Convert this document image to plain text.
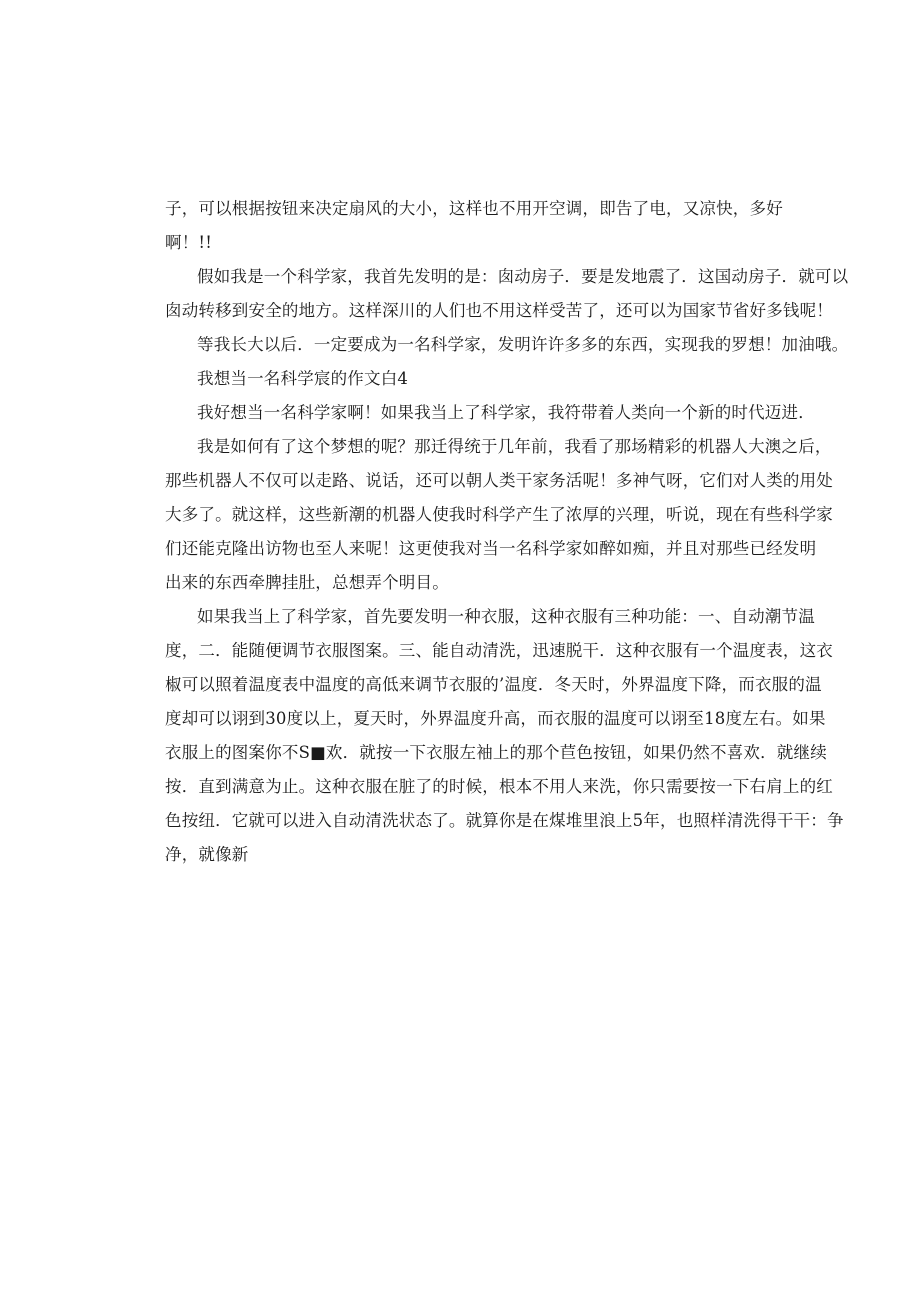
子，可以根据按钮来决定扇风的大小，这样也不用开空调，即告了电，又凉快，多好

啊！!!

假如我是一个科学家，我首先发明的是：囱动房子．要是发地震了．这国动房子．就可以

囱动转移到安全的地方。这样深川的人们也不用这样受苦了，还可以为国家节省好多钱呢！

等我长大以后．一定要成为一名科学家，发明许许多多的东西，实现我的罗想！加油哦。

我想当一名科学宸的作文白4

我好想当一名科学家啊！如果我当上了科学家，我符带着人类向一个新的时代迈进．

我是如何有了这个梦想的呢？那迁得统于几年前，我看了那场精彩的机器人大澳之后，

那些机器人不仅可以走路、说话，还可以朝人类干家务活呢！多神气呀，它们对人类的用处

大多了。就这样，这些新潮的机器人使我时科学产生了浓厚的兴理，听说，现在有些科学家

们还能克隆出访物也至人来呢！这更使我对当一名科学家如醉如痴，并且对那些已经发明

出来的东西牵脾挂肚，总想弄个明目。

如果我当上了科学家，首先要发明一种衣服，这种衣服有三种功能：一、自动潮节温

度，二．能随便调节衣服图案。三、能自动清洗，迅速脱干．这种衣服有一个温度表，这衣

椒可以照着温度表中温度的高低来调节衣服的’温度．冬天时，外界温度下降，而衣服的温

度却可以诩到30度以上，夏天时，外界温度升高，而衣服的温度可以诩至18度左右。如果

衣服上的图案你不S■欢．就按一下衣服左袖上的那个苣色按钮，如果仍然不喜欢．就继续

按．直到满意为止。这种衣服在脏了的时候，根本不用人来洗，你只需要按一下右肩上的红

色按纽．它就可以进入自动清洗状态了。就算你是在煤堆里浪上5年，也照样清洗得干干：争

净，就像新
